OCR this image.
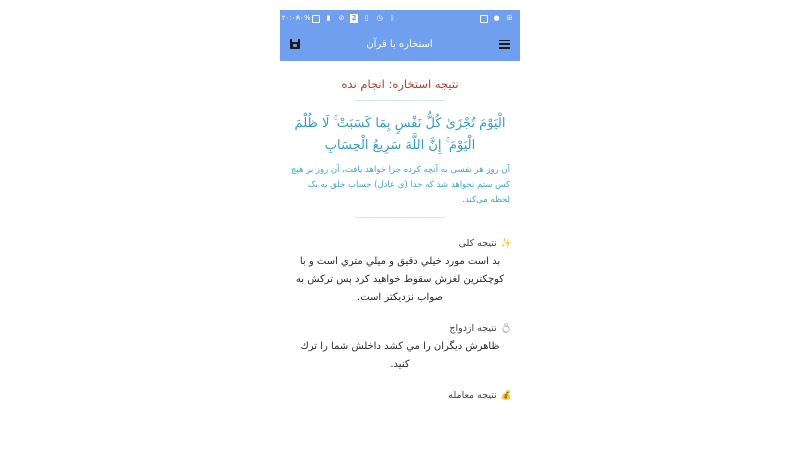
۲۰:۰۶
۹۰%	▮	⊘ 2	▯	◷	ᛒ	● ⊞
استخاره با قرآن

نتیجه استخاره: انجام نده

------------------------------------------
الْيَوْمَ تُجْزَىٰ كُلُّ نَفْسٍ بِمَا كَسَبَتْ ۚ لَا ظُلْمَ الْيَوْمَ ۚ إِنَّ اللَّهَ سَرِيعُ الْحِسَابِ

آن روز هر نفسی به آنچه کرده جزا خواهد یافت، آن روز بر هیچ کس ستم نخواهد شد که خدا (ی عادل) حساب خلق به یک لحظه می‌کند.

------------------------------------------
✨
نتیجه کلی
بد است مورد خيلي دقيق و ميلي متري است و با كوچكترين لغزش سقوط خواهيد كرد پس تركش به صواب نزديكتر است.
💍
نتیجه ازدواج
ظاهرش ديگران را مي كشد داخلش شما را ترك كنيد.
💰
نتیجه معامله
